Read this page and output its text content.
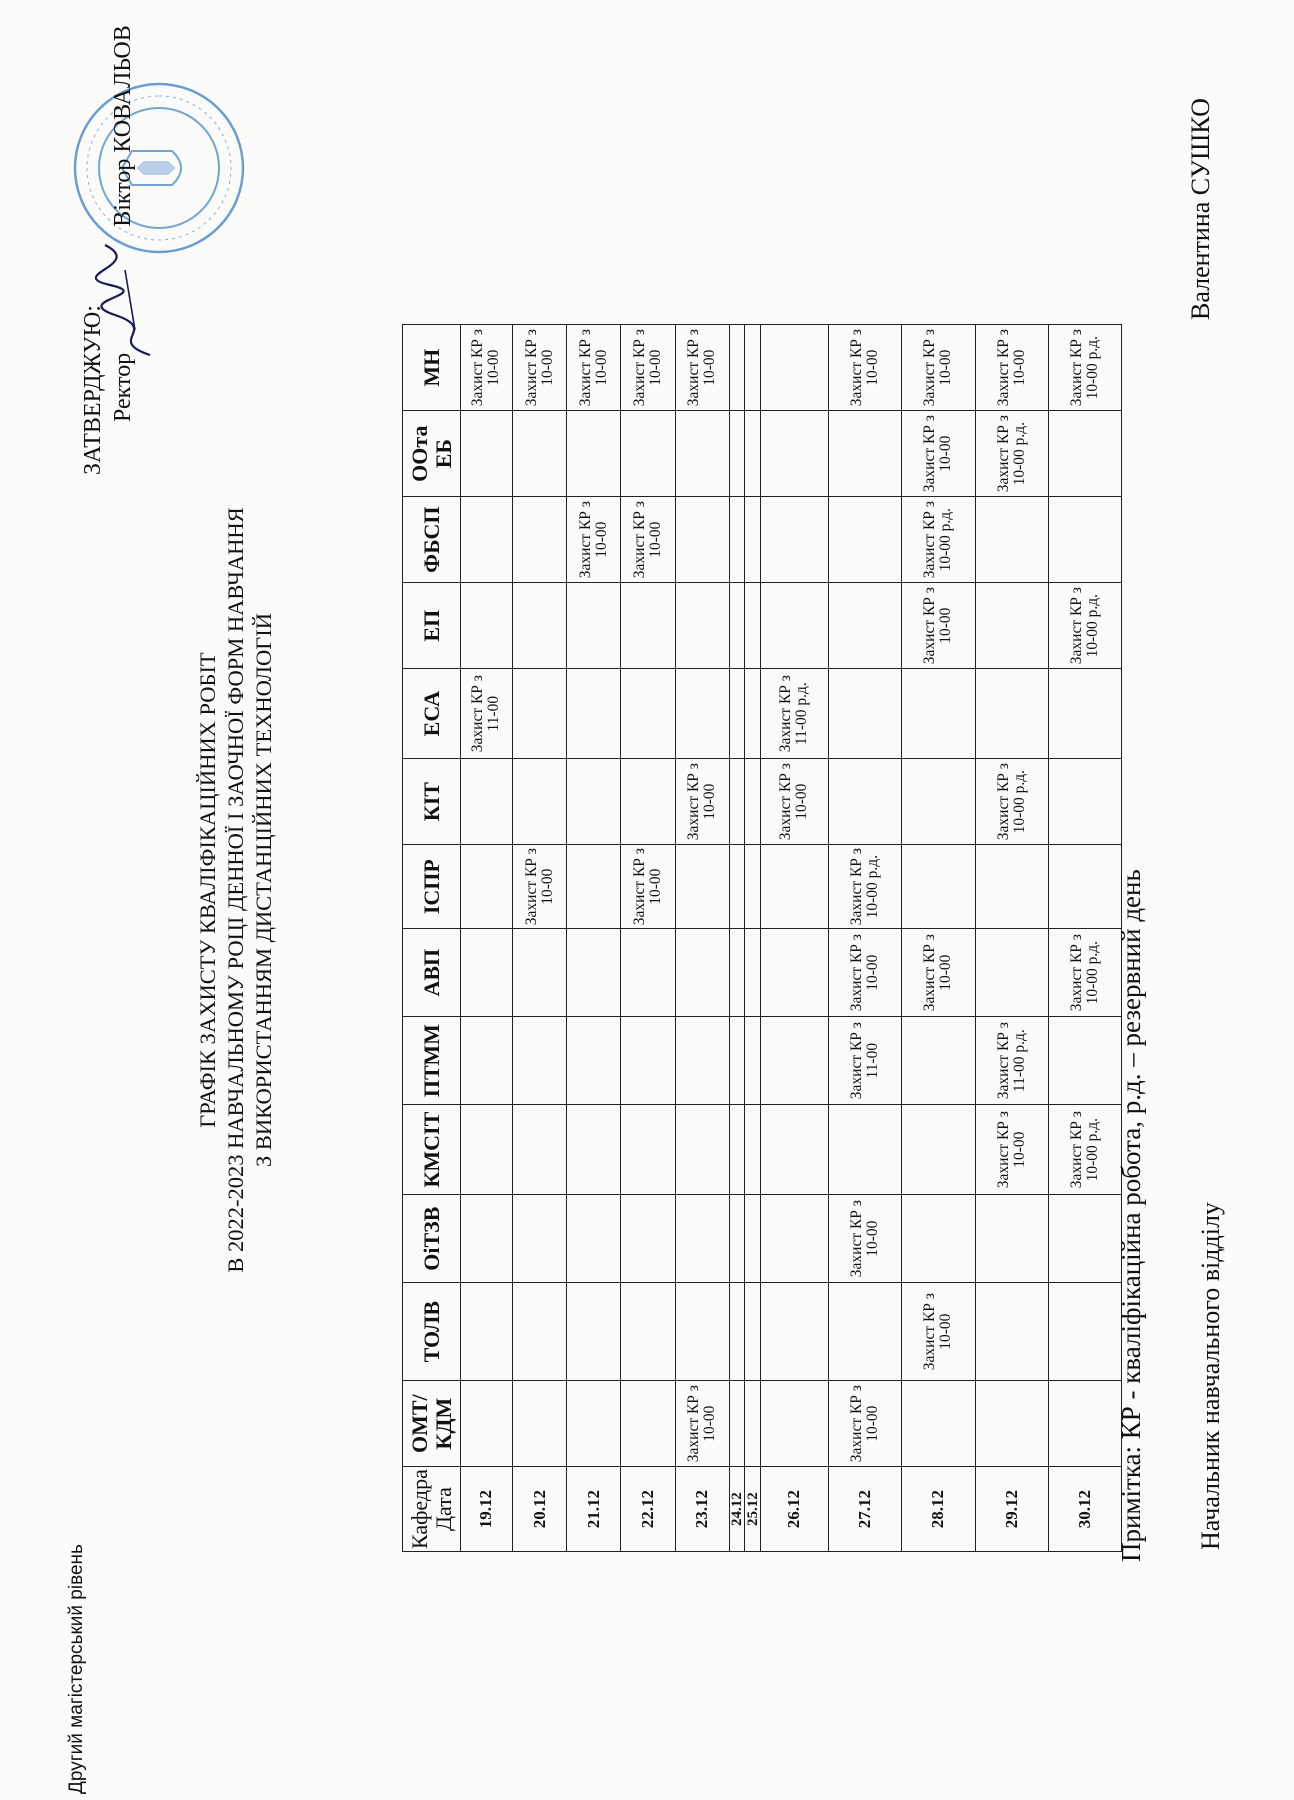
Другий магістерський рівень
ЗАТВЕРДЖУЮ: Ректор Віктор КОВАЛЬОВ
ГРАФІК ЗАХИСТУ КВАЛІФІКАЦІЙНИХ РОБІТ В 2022-2023 НАВЧАЛЬНОМУ РОЦІ ДЕННОЇ І ЗАОЧНОЇ ФОРМ НАВЧАННЯ З ВИКОРИСТАННЯМ ДИСТАНЦІЙНИХ ТЕХНОЛОГІЙ
Кафедра
Дата	ОМТ/ КДМ	ТОЛВ	ОіТЗВ	КМСІТ	ПТММ	АВП	ІСПР	КІТ	ЕСА	ЕП	ФБСП	ООта ЕБ	МН
19.12									Захист КР з 11-00				Захист КР з 10-00
20.12							Захист КР з 10-00						Захист КР з 10-00
21.12											Захист КР з 10-00		Захист КР з 10-00
22.12							Захист КР з 10-00				Захист КР з 10-00		Захист КР з 10-00
23.12	Захист КР з 10-00							Захист КР з 10-00					Захист КР з 10-00
24.12													
25.12													
26.12								Захист КР з 10-00	Захист КР з 11-00 р.д.				
27.12	Захист КР з 10-00		Захист КР з 10-00		Захист КР з 11-00	Захист КР з 10-00	Захист КР з 10-00 р.д.						Захист КР з 10-00
28.12		Захист КР з 10-00				Захист КР з 10-00				Захист КР з 10-00	Захист КР з 10-00 р.д.	Захист КР з 10-00	Захист КР з 10-00
29.12				Захист КР з 10-00	Захист КР з 11-00 р.д.			Захист КР з 10-00 р.д.				Захист КР з 10-00 р.д.	Захист КР з 10-00
30.12				Захист КР з 10-00 р.д.		Захист КР з 10-00 р.д.				Захист КР з 10-00 р.д.			Захист КР з 10-00 р.д.
Примітка: КР - кваліфікаційна робота, р.д. – резервний день Начальник навчального відділу
Валентина СУШКО
